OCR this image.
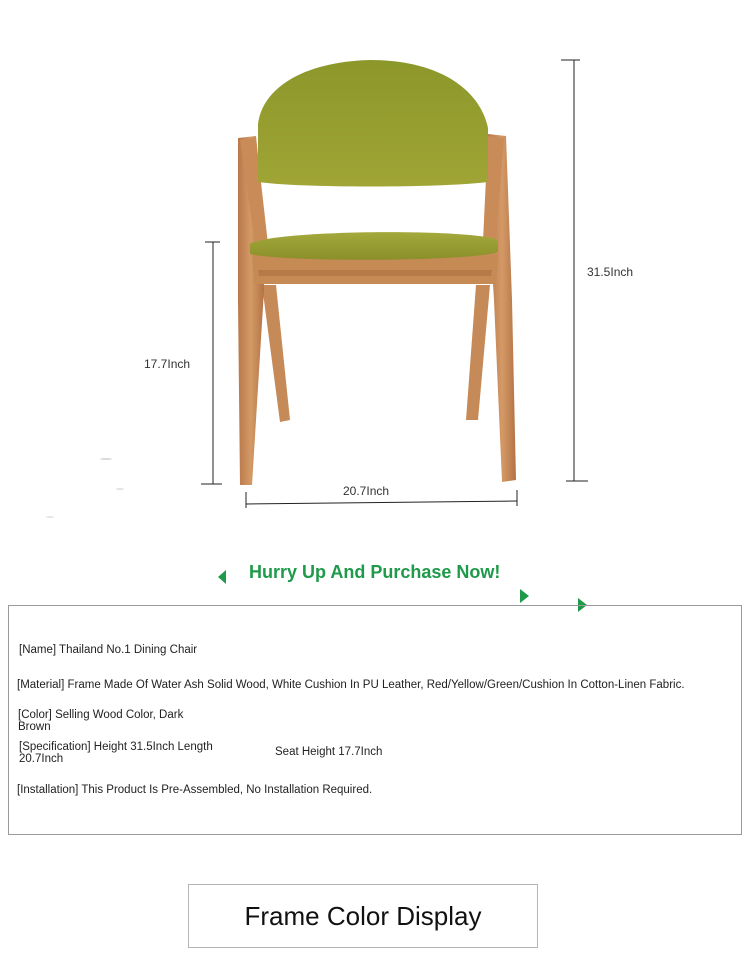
31.5Inch
17.7Inch
20.7Inch
Hurry Up And Purchase Now!
[Name] Thailand No.1 Dining Chair
[Material] Frame Made Of Water Ash Solid Wood, White Cushion In PU Leather, Red/Yellow/Green/Cushion In Cotton-Linen Fabric.
[Color] Selling Wood Color, Dark Brown
[Specification] Height 31.5Inch Length 20.7Inch
Seat Height 17.7Inch
[Installation] This Product Is Pre-Assembled, No Installation Required.
Frame Color Display
